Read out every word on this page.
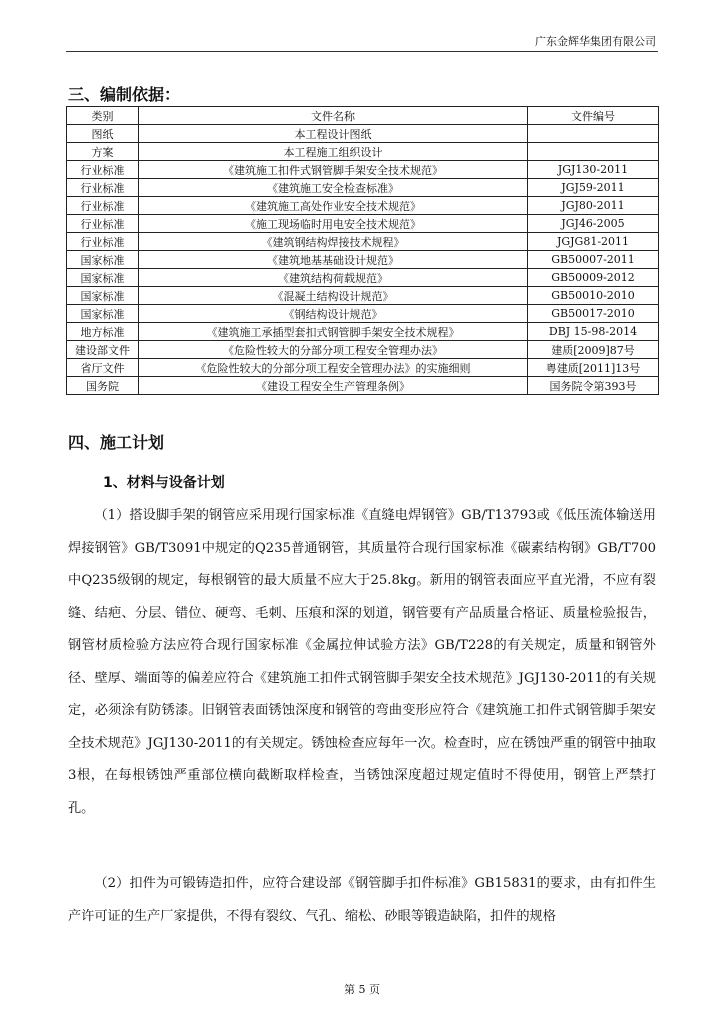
广东金辉华集团有限公司
三、编制依据：
类别	文件名称	文件编号
图纸	本工程设计图纸	
方案	本工程施工组织设计	
行业标准	《建筑施工扣件式钢管脚手架安全技术规范》	JGJ130-2011
行业标准	《建筑施工安全检查标准》	JGJ59-2011
行业标准	《建筑施工高处作业安全技术规范》	JGJ80-2011
行业标准	《施工现场临时用电安全技术规范》	JGJ46-2005
行业标准	《建筑钢结构焊接技术规程》	JGJG81-2011
国家标准	《建筑地基基础设计规范》	GB50007-2011
国家标准	《建筑结构荷载规范》	GB50009-2012
国家标准	《混凝土结构设计规范》	GB50010-2010
国家标准	《钢结构设计规范》	GB50017-2010
地方标准	《建筑施工承插型套扣式钢管脚手架安全技术规程》	DBJ 15-98-2014
建设部文件	《危险性较大的分部分项工程安全管理办法》	建质[2009]87号
省厅文件	《危险性较大的分部分项工程安全管理办法》的实施细则	粤建质[2011]13号
国务院	《建设工程安全生产管理条例》	国务院令第393号
四、施工计划
1、材料与设备计划
（1）搭设脚手架的钢管应采用现行国家标准《直缝电焊钢管》GB/T13793或《低压流体输送用焊接钢管》GB/T3091中规定的Q235普通钢管，其质量符合现行国家标准《碳素结构钢》GB/T700中Q235级钢的规定，每根钢管的最大质量不应大于25.8kg。新用的钢管表面应平直光滑，不应有裂缝、结疤、分层、错位、硬弯、毛刺、压痕和深的划道，钢管要有产品质量合格证、质量检验报告，钢管材质检验方法应符合现行国家标准《金属拉伸试验方法》GB/T228的有关规定，质量和钢管外径、壁厚、端面等的偏差应符合《建筑施工扣件式钢管脚手架安全技术规范》JGJ130-2011的有关规定，必须涂有防锈漆。旧钢管表面锈蚀深度和钢管的弯曲变形应符合《建筑施工扣件式钢管脚手架安全技术规范》JGJ130-2011的有关规定。锈蚀检查应每年一次。检查时，应在锈蚀严重的钢管中抽取3根，在每根锈蚀严重部位横向截断取样检查，当锈蚀深度超过规定值时不得使用，钢管上严禁打孔。
（2）扣件为可锻铸造扣件，应符合建设部《钢管脚手扣件标准》GB15831的要求，由有扣件生产许可证的生产厂家提供，不得有裂纹、气孔、缩松、砂眼等锻造缺陷，扣件的规格
第 5 页
